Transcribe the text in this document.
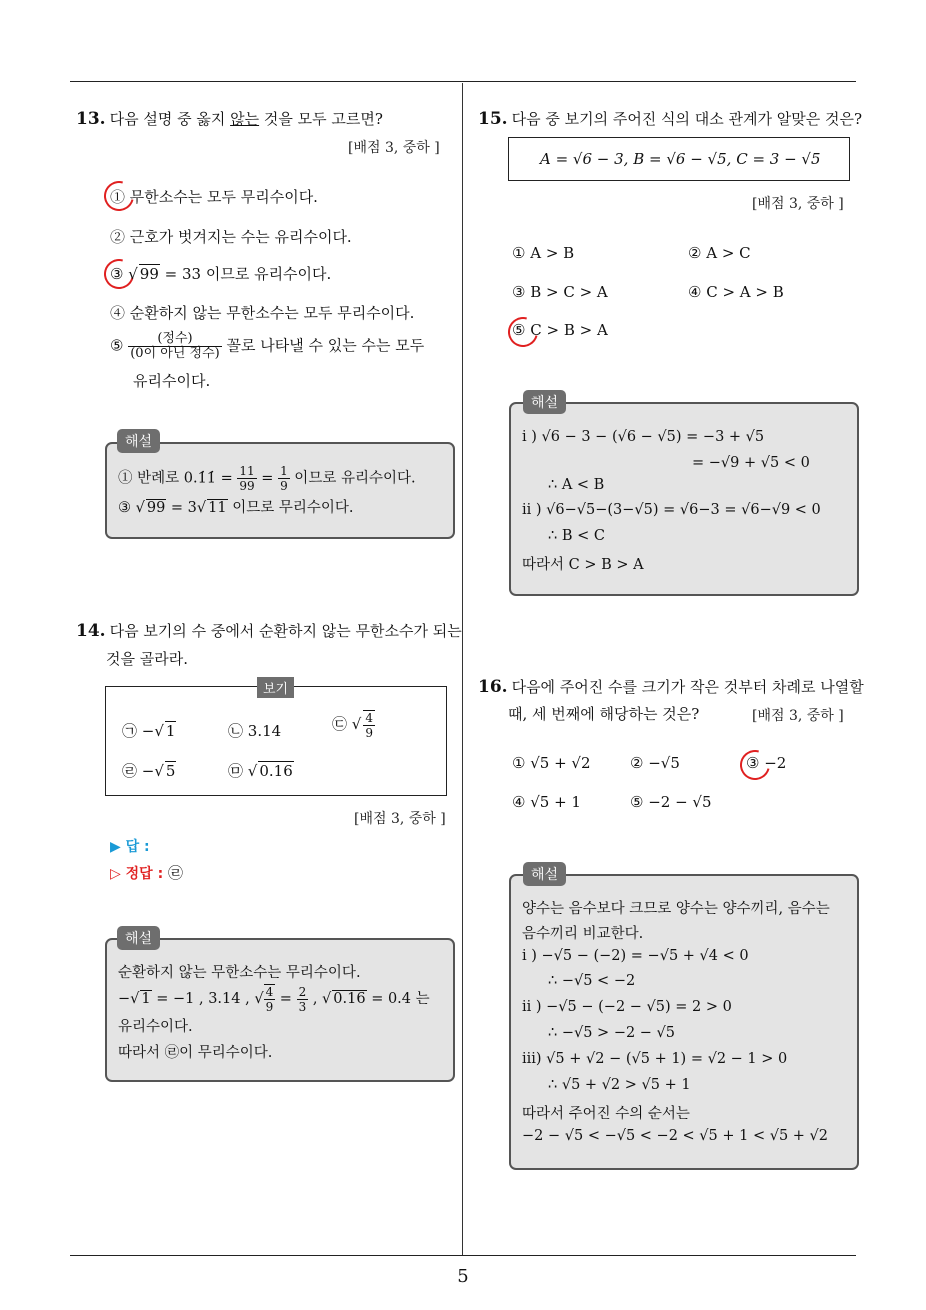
5
13. 다음 설명 중 옳지 않는 것을 모두 고르면?
[배점 3, 중하 ]
① 무한소수는 모두 무리수이다.
② 근호가 벗겨지는 수는 유리수이다.
③ √ 99 = 33 이므로 유리수이다.
④ 순환하지 않는 무한소수는 모두 무리수이다.
⑤ $\frac{\text{(정수)}}{\text{(0이 아닌 정수)}}$ 꼴로 나타낼 수 있는 수는 모두
유리수이다.
해설
① 반례로 0.1̇1̇ = $\frac{11}{99} = \frac{1}{9}$ 이므로 유리수이다.
③ √ 99 = 3√ 11 이므로 무리수이다.
14. 다음 보기의 수 중에서 순환하지 않는 무한소수가 되는
것을 골라라.
보기
㉠ −√ 1	㉡ 3.14	㉢ √ $\frac{4}{9}$
㉣ −√ 5	㉤ √ 0.16
[배점 3, 중하 ]
▶ 답 :
▷ 정답 : ㉣
해설
순환하지 않는 무한소수는 무리수이다.
−√ 1 = −1 , 3.14 , √ $\frac{4}{9} = \frac{2}{3}$ , √ 0.16 = 0.4 는
유리수이다.
따라서 ㉣이 무리수이다.
15. 다음 중 보기의 주어진 식의 대소 관계가 알맞은 것은?
A = √6 − 3, B = √6 − √5, C = 3 − √5
[배점 3, 중하 ]
① A > B	② A > C
③ B > C > A	④ C > A > B
⑤ C > B > A
해설
i ) √6 − 3 − (√6 − √5) = −3 + √5
= −√9 + √5 < 0
∴ A < B
ii ) √6−√5−(3−√5) = √6−3 = √6−√9 < 0
∴ B < C
따라서 C > B > A
16. 다음에 주어진 수를 크기가 작은 것부터 차례로 나열할
때, 세 번째에 해당하는 것은?	[배점 3, 중하 ]
① √5 + √2	② −√5	③ −2
④ √5 + 1	⑤ −2 − √5
해설
양수는 음수보다 크므로 양수는 양수끼리, 음수는
음수끼리 비교한다.
i ) −√5 − (−2) = −√5 + √4 < 0
∴ −√5 < −2
ii ) −√5 − (−2 − √5) = 2 > 0
∴ −√5 > −2 − √5
iii) √5 + √2 − (√5 + 1) = √2 − 1 > 0
∴ √5 + √2 > √5 + 1
따라서 주어진 수의 순서는
−2 − √5 < −√5 < −2 < √5 + 1 < √5 + √2
